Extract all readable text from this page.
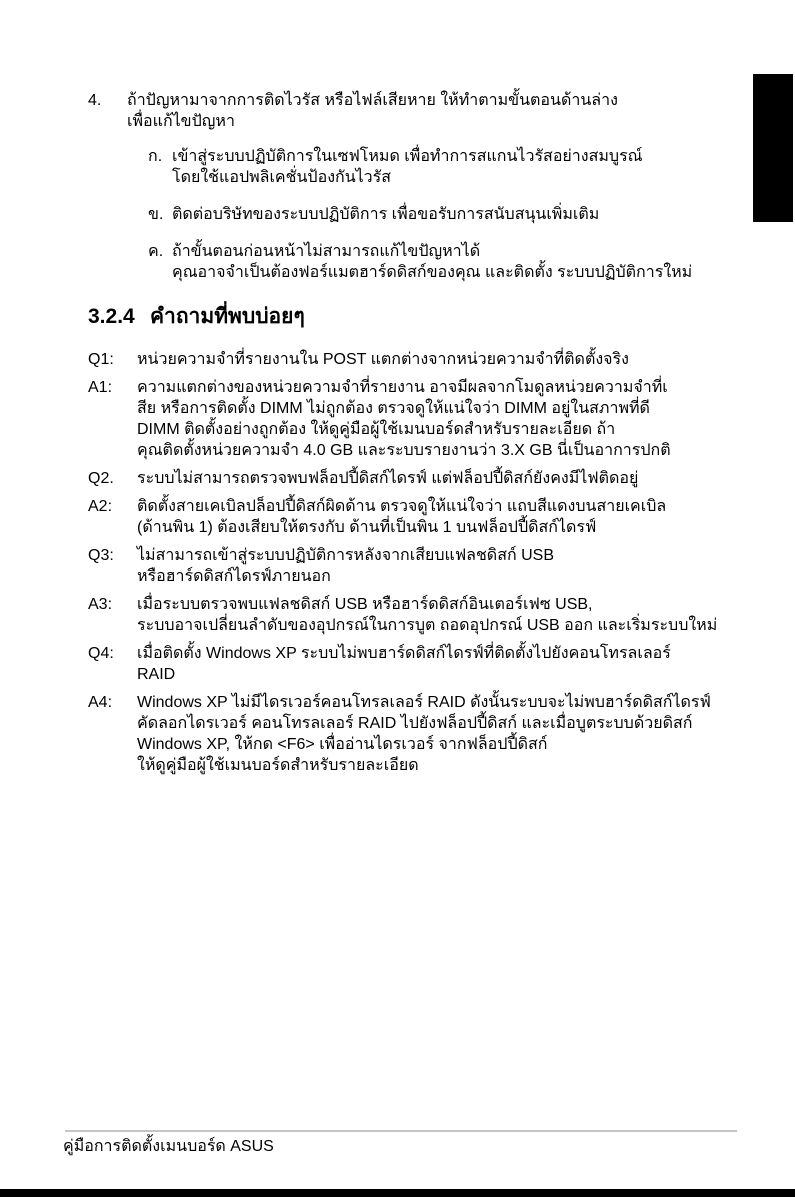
4.	ถ้าปัญหามาจากการติดไวรัส หรือไฟล์เสียหาย ให้ทำตามขั้นตอนด้านล่าง
เพื่อแก้ไขปัญหา
ก. เข้าสู่ระบบปฏิบัติการในเซฟโหมด เพื่อทำการสแกนไวรัสอย่างสมบูรณ์
โดยใช้แอปพลิเคชั่นป้องกันไวรัส
ข. ติดต่อบริษัทของระบบปฏิบัติการ เพื่อขอรับการสนับสนุนเพิ่มเติม
ค. ถ้าขั้นตอนก่อนหน้าไม่สามารถแก้ไขปัญหาได้
คุณอาจจำเป็นต้องฟอร์แมตฮาร์ดดิสก์ของคุณ และติดตั้ง ระบบปฏิบัติการใหม่
3.2.4 คำถามที่พบบ่อยๆ
Q1:	หน่วยความจำที่รายงานใน POST แตกต่างจากหน่วยความจำที่ติดตั้งจริง
A1:	ความแตกต่างของหน่วยความจำที่รายงาน อาจมีผลจากโมดูลหน่วยความจำที่เ
สีย หรือการติดตั้ง DIMM ไม่ถูกต้อง ตรวจดูให้แน่ใจว่า DIMM อยู่ในสภาพที่ดี
DIMM ติดตั้งอย่างถูกต้อง ให้ดูคู่มือผู้ใช้เมนบอร์ดสำหรับรายละเอียด ถ้า
คุณติดตั้งหน่วยความจำ 4.0 GB และระบบรายงานว่า 3.X GB นี่เป็นอาการปกติ
Q2.	ระบบไม่สามารถตรวจพบฟล็อปปี้ดิสก์ไดรฟ์ แต่ฟล็อปปี้ดิสก์ยังคงมีไฟติดอยู่
A2:	ติดตั้งสายเคเบิลปล็อปปี้ดิสก์ผิดด้าน ตรวจดูให้แน่ใจว่า แถบสีแดงบนสายเคเบิล
(ด้านพิน 1) ต้องเสียบให้ตรงกับ ด้านที่เป็นพิน 1 บนฟล็อปปี้ดิสก์ไดรฟ์
Q3:	ไม่สามารถเข้าสู่ระบบปฏิบัติการหลังจากเสียบแฟลชดิสก์ USB
หรือฮาร์ดดิสก์ไดรฟ์ภายนอก
A3:	เมื่อระบบตรวจพบแฟลชดิสก์ USB หรือฮาร์ดดิสก์อินเตอร์เฟซ USB,
ระบบอาจเปลี่ยนลำดับของอุปกรณ์ในการบูต ถอดอุปกรณ์ USB ออก และเริ่มระบบใหม่
Q4:	เมื่อติดตั้ง Windows XP ระบบไม่พบฮาร์ดดิสก์ไดรฟ์ที่ติดตั้งไปยังคอนโทรลเลอร์
RAID
A4:	Windows XP ไม่มีไดรเวอร์คอนโทรลเลอร์ RAID ดังนั้นระบบจะไม่พบฮาร์ดดิสก์ไดรฟ์
คัดลอกไดรเวอร์ คอนโทรลเลอร์ RAID ไปยังฟล็อปปี้ดิสก์ และเมื่อบูตระบบด้วยดิสก์
Windows XP, ให้กด <F6> เพื่ออ่านไดรเวอร์ จากฟล็อปปี้ดิสก์
ให้ดูคู่มือผู้ใช้เมนบอร์ดสำหรับรายละเอียด
คู่มือการติดตั้งเมนบอร์ด ASUS
